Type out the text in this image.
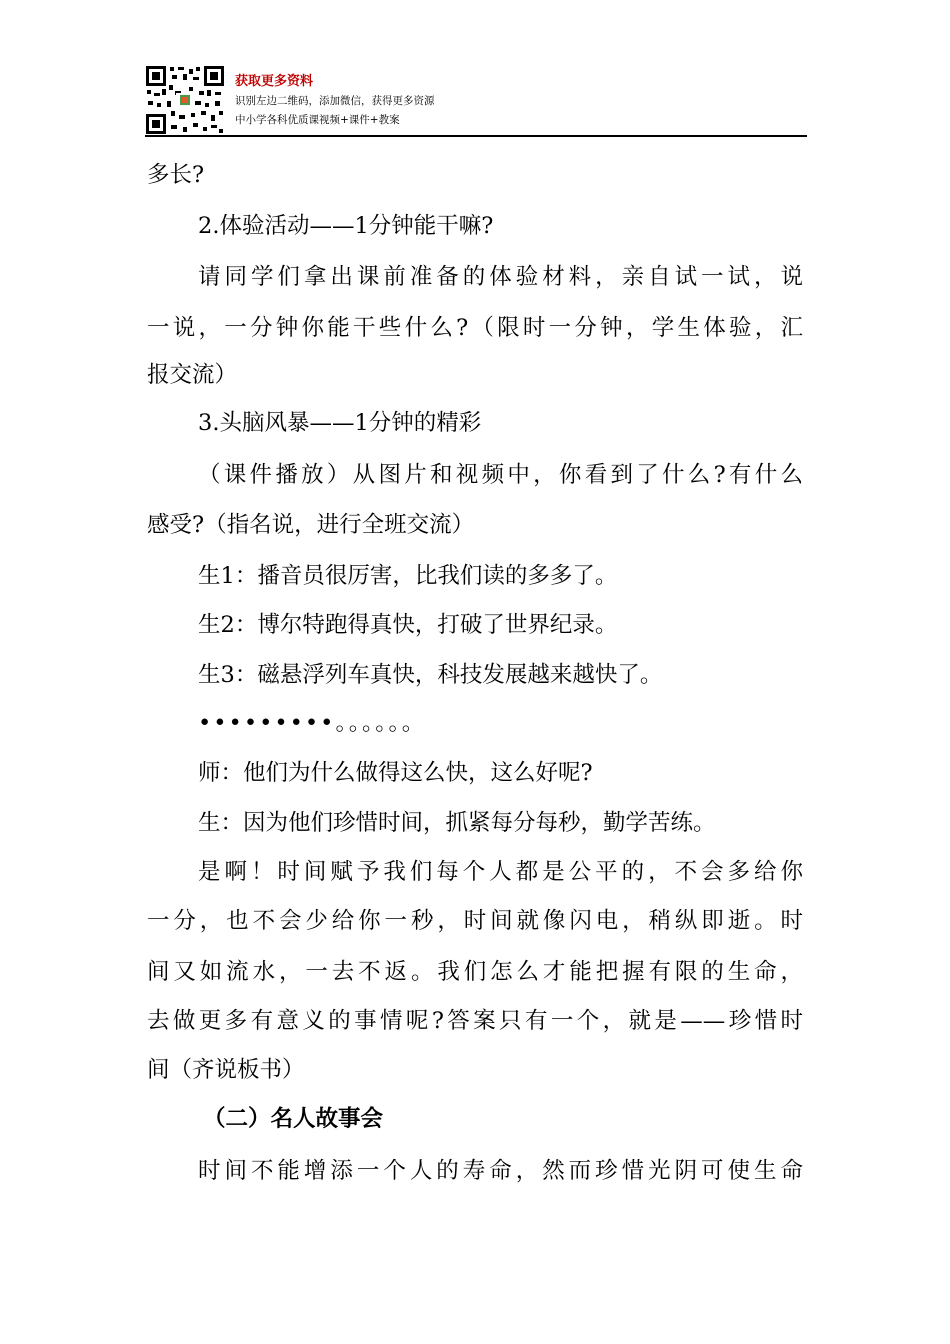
获取更多资料
识别左边二维码，添加微信，获得更多资源
中小学各科优质课视频+课件+教案
多长?
2.体验活动——1分钟能干嘛?
请同学们拿出课前准备的体验材料，亲自试一试，说
一说，一分钟你能干些什么?（限时一分钟，学生体验，汇
报交流）
3.头脑风暴——1分钟的精彩
（课件播放）从图片和视频中，你看到了什么?有什么
感受?（指名说，进行全班交流）
生1：播音员很厉害，比我们读的多多了。
生2：博尔特跑得真快，打破了世界纪录。
生3：磁悬浮列车真快，科技发展越来越快了。
•••••••••。。。。。。
师：他们为什么做得这么快，这么好呢?
生：因为他们珍惜时间，抓紧每分每秒，勤学苦练。
是啊！时间赋予我们每个人都是公平的，不会多给你
一分，也不会少给你一秒，时间就像闪电，稍纵即逝。时
间又如流水，一去不返。我们怎么才能把握有限的生命，
去做更多有意义的事情呢?答案只有一个，就是——珍惜时
间（齐说板书）
（二）名人故事会
时间不能增添一个人的寿命，然而珍惜光阴可使生命
